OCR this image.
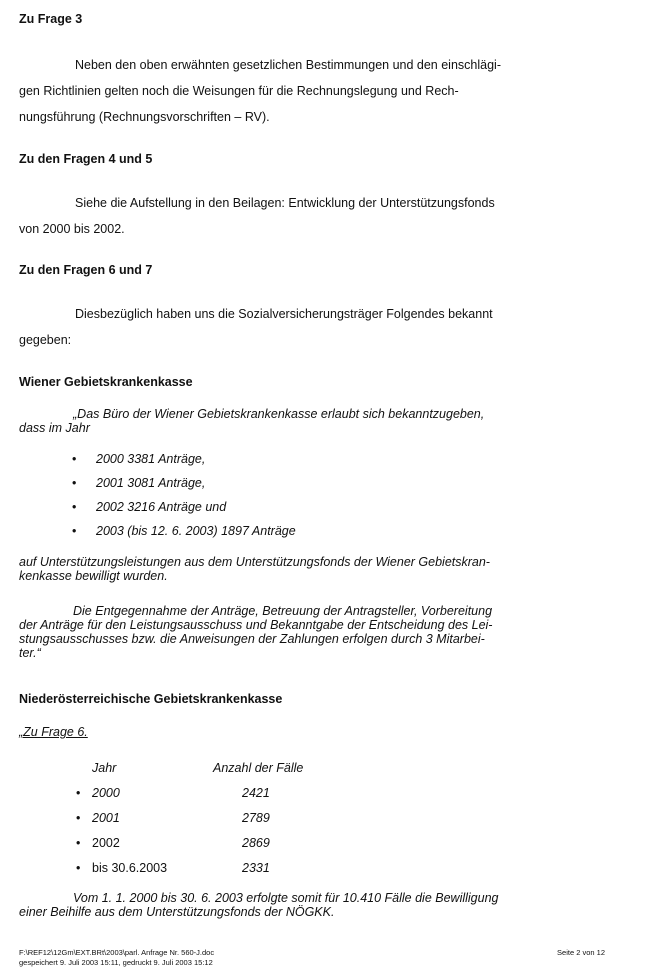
Zu Frage 3
Neben den oben erwähnten gesetzlichen Bestimmungen und den einschlägi-
gen Richtlinien gelten noch die Weisungen für die Rechnungslegung und Rech-
nungsführung (Rechnungsvorschriften – RV).
Zu den Fragen 4 und 5
Siehe die Aufstellung in den Beilagen: Entwicklung der Unterstützungsfonds
von 2000 bis 2002.
Zu den Fragen 6 und 7
Diesbezüglich haben uns die Sozialversicherungsträger Folgendes bekannt
gegeben:
Wiener Gebietskrankenkasse
„Das Büro der Wiener Gebietskrankenkasse erlaubt sich bekanntzugeben,
dass im Jahr
• 2000 3381 Anträge,
• 2001 3081 Anträge,
• 2002 3216 Anträge und
• 2003 (bis 12. 6. 2003) 1897 Anträge
auf Unterstützungsleistungen aus dem Unterstützungsfonds der Wiener Gebietskran-
kenkasse bewilligt wurden.
Die Entgegennahme der Anträge, Betreuung der Antragsteller, Vorbereitung
der Anträge für den Leistungsausschuss und Bekanntgabe der Entscheidung des Lei-
stungsausschusses bzw. die Anweisungen der Zahlungen erfolgen durch 3 Mitarbei-
ter.“
Niederösterreichische Gebietskrankenkasse
„Zu Frage 6.
Jahr	Anzahl der Fälle
• 2000	2421
• 2001	2789
• 2002	2869
• bis 30.6.2003	2331
Vom 1. 1. 2000 bis 30. 6. 2003 erfolgte somit für 10.410 Fälle die Bewilligung
einer Beihilfe aus dem Unterstützungsfonds der NÖGKK.
F:\REF12\12Gm\EXT.BRt\2003\parl. Anfrage Nr. 560-J.doc
gespeichert 9. Juli 2003 15:11, gedruckt 9. Juli 2003 15:12
Seite 2 von 12
